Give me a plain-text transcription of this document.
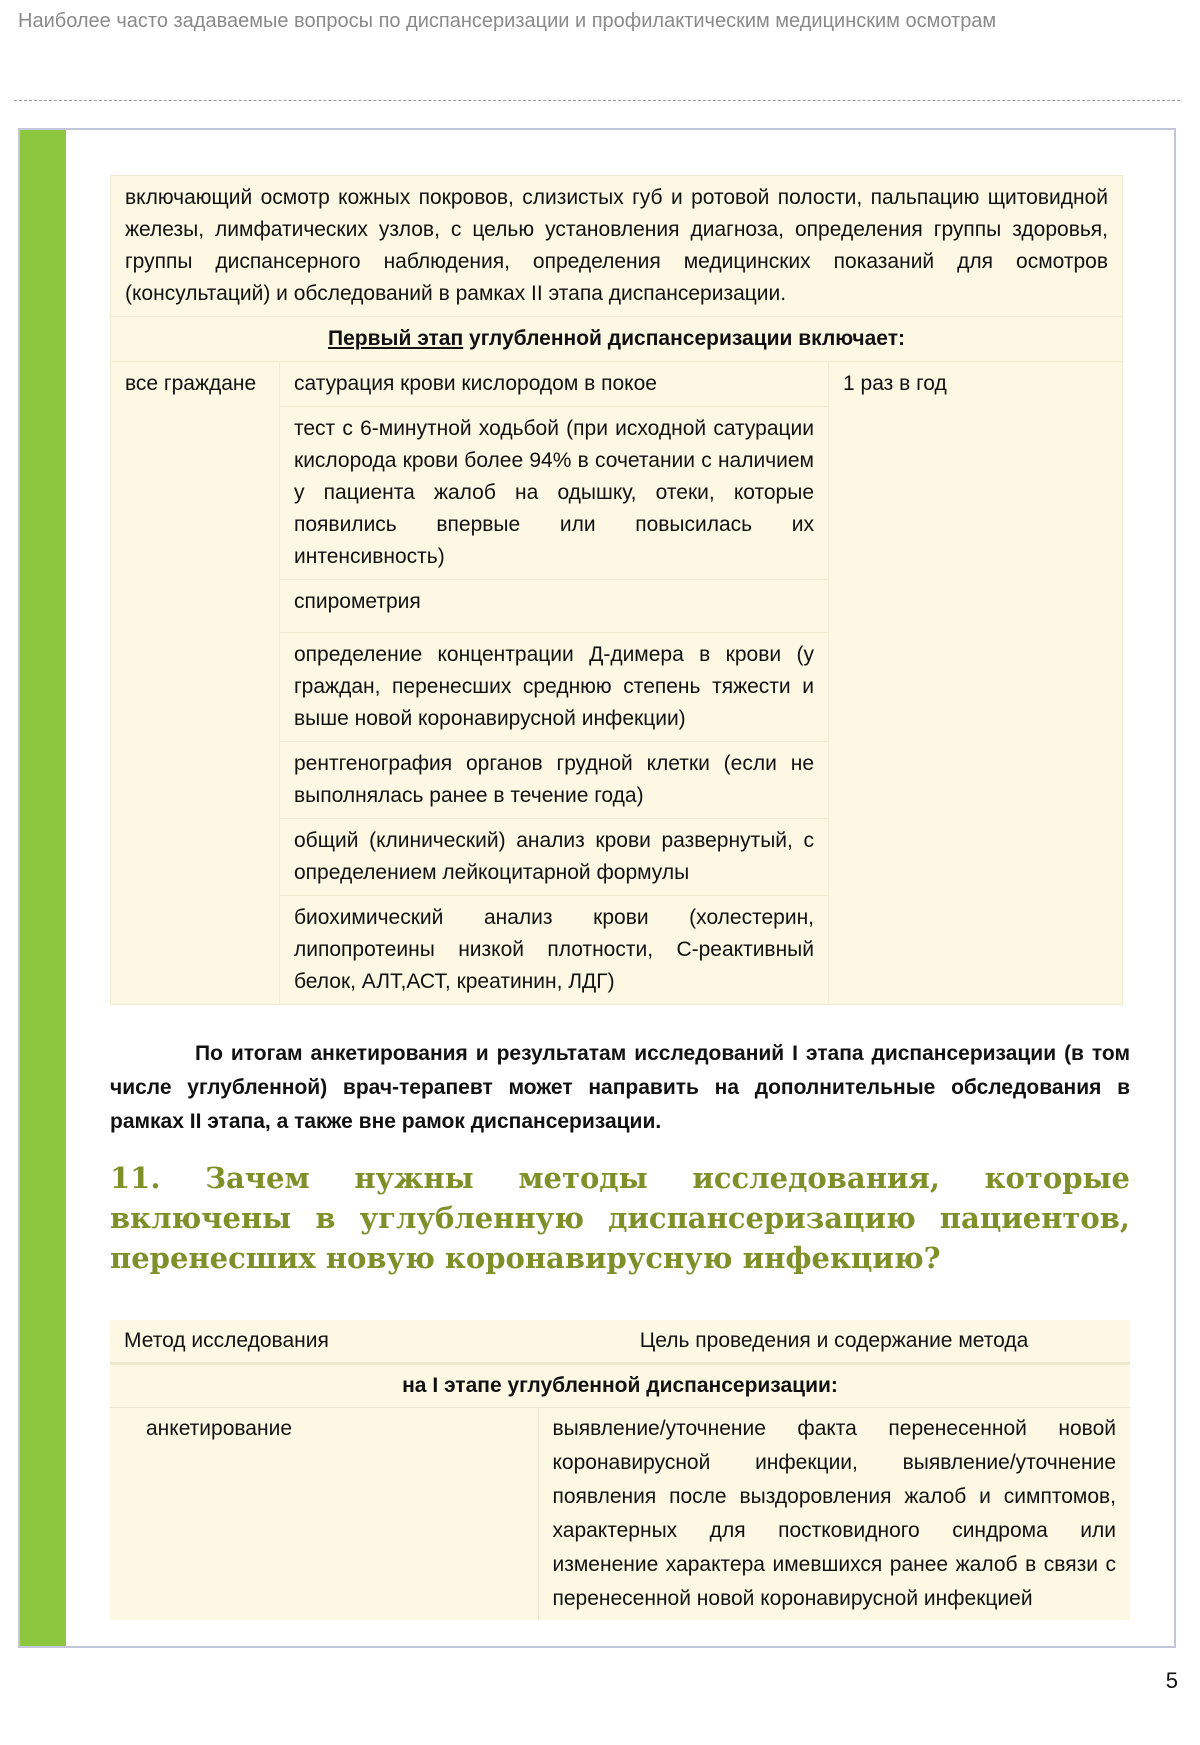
Наиболее часто задаваемые вопросы по диспансеризации и профилактическим медицинским осмотрам
включающий осмотр кожных покровов, слизистых губ и ротовой полости, пальпацию щитовидной железы, лимфатических узлов, с целью установления диагноза, определения группы здоровья, группы диспансерного наблюдения, определения медицинских показаний для осмотров (консультаций) и обследований в рамках II этапа диспансеризации.
Первый этап углубленной диспансеризации включает:
все граждане	сатурация крови кислородом в покое	1 раз в год
тест с 6-минутной ходьбой (при исходной сатурации кислорода крови более 94% в сочетании с наличием у пациента жалоб на одышку, отеки, которые появились впервые или повысилась их интенсивность)
спирометрия
определение концентрации Д-димера в крови (у граждан, перенесших среднюю степень тяжести и выше новой коронавирусной инфекции)
рентгенография органов грудной клетки (если не выполнялась ранее в течение года)
общий (клинический) анализ крови развернутый, с определением лейкоцитарной формулы
биохимический анализ крови (холестерин, липопротеины низкой плотности, С-реактивный белок, АЛТ,АСТ, креатинин, ЛДГ)
По итогам анкетирования и результатам исследований I этапа диспансеризации (в том числе углубленной) врач-терапевт может направить на дополнительные обследования в рамках II этапа, а также вне рамок диспансеризации.
11. Зачем нужны методы исследования, которые включены в углубленную диспансеризацию пациентов, перенесших новую коронавирусную инфекцию?
Метод исследования	Цель проведения и содержание метода
на I этапе углубленной диспансеризации:	
анкетирование	выявление/уточнение факта перенесенной новой коронавирусной инфекции, выявление/уточнение появления после выздоровления жалоб и симптомов, характерных для постковидного синдрома или изменение характера имевшихся ранее жалоб в связи с перенесенной новой коронавирусной инфекцией
5
